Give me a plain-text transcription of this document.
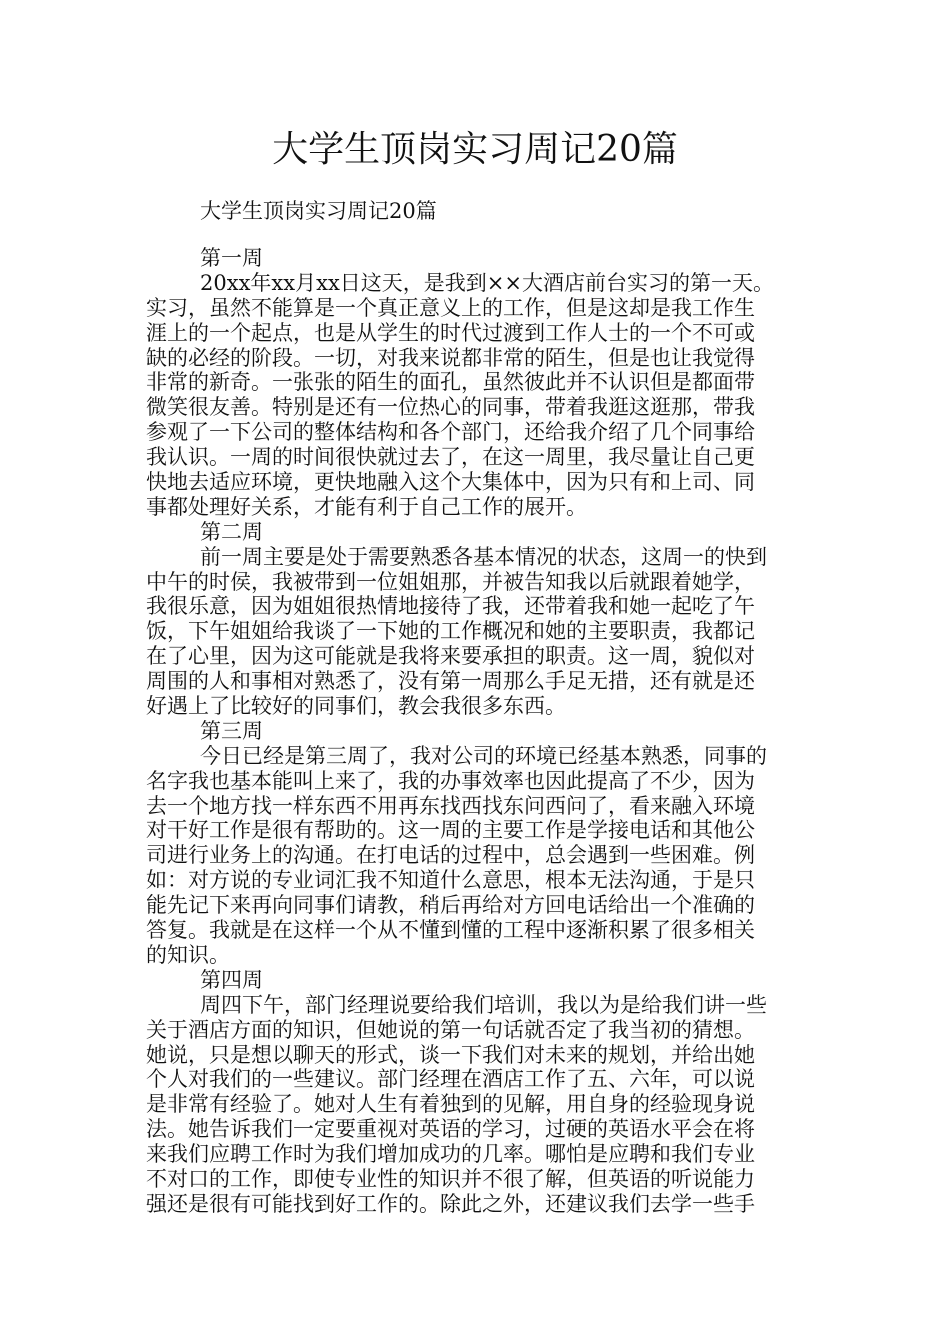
大学生顶岗实习周记20篇

大学生顶岗实习周记20篇

第一周
20xx年xx月xx日这天，是我到××大酒店前台实习的第一天。
实习，虽然不能算是一个真正意义上的工作，但是这却是我工作生
涯上的一个起点，也是从学生的时代过渡到工作人士的一个不可或
缺的必经的阶段。一切，对我来说都非常的陌生，但是也让我觉得
非常的新奇。一张张的陌生的面孔，虽然彼此并不认识但是都面带
微笑很友善。特别是还有一位热心的同事，带着我逛这逛那，带我
参观了一下公司的整体结构和各个部门，还给我介绍了几个同事给
我认识。一周的时间很快就过去了，在这一周里，我尽量让自己更
快地去适应环境，更快地融入这个大集体中，因为只有和上司、同
事都处理好关系，才能有利于自己工作的展开。
第二周
前一周主要是处于需要熟悉各基本情况的状态，这周一的快到
中午的时侯，我被带到一位姐姐那，并被告知我以后就跟着她学，
我很乐意，因为姐姐很热情地接待了我，还带着我和她一起吃了午
饭，下午姐姐给我谈了一下她的工作概况和她的主要职责，我都记
在了心里，因为这可能就是我将来要承担的职责。这一周，貌似对
周围的人和事相对熟悉了，没有第一周那么手足无措，还有就是还
好遇上了比较好的同事们，教会我很多东西。
第三周
今日已经是第三周了，我对公司的环境已经基本熟悉，同事的
名字我也基本能叫上来了，我的办事效率也因此提高了不少，因为
去一个地方找一样东西不用再东找西找东问西问了，看来融入环境
对干好工作是很有帮助的。这一周的主要工作是学接电话和其他公
司进行业务上的沟通。在打电话的过程中，总会遇到一些困难。例
如：对方说的专业词汇我不知道什么意思，根本无法沟通，于是只
能先记下来再向同事们请教，稍后再给对方回电话给出一个准确的
答复。我就是在这样一个从不懂到懂的工程中逐渐积累了很多相关
的知识。
第四周
周四下午，部门经理说要给我们培训，我以为是给我们讲一些
关于酒店方面的知识，但她说的第一句话就否定了我当初的猜想。
她说，只是想以聊天的形式，谈一下我们对未来的规划，并给出她
个人对我们的一些建议。部门经理在酒店工作了五、六年，可以说
是非常有经验了。她对人生有着独到的见解，用自身的经验现身说
法。她告诉我们一定要重视对英语的学习，过硬的英语水平会在将
来我们应聘工作时为我们增加成功的几率。哪怕是应聘和我们专业
不对口的工作，即使专业性的知识并不很了解，但英语的听说能力
强还是很有可能找到好工作的。除此之外，还建议我们去学一些手
